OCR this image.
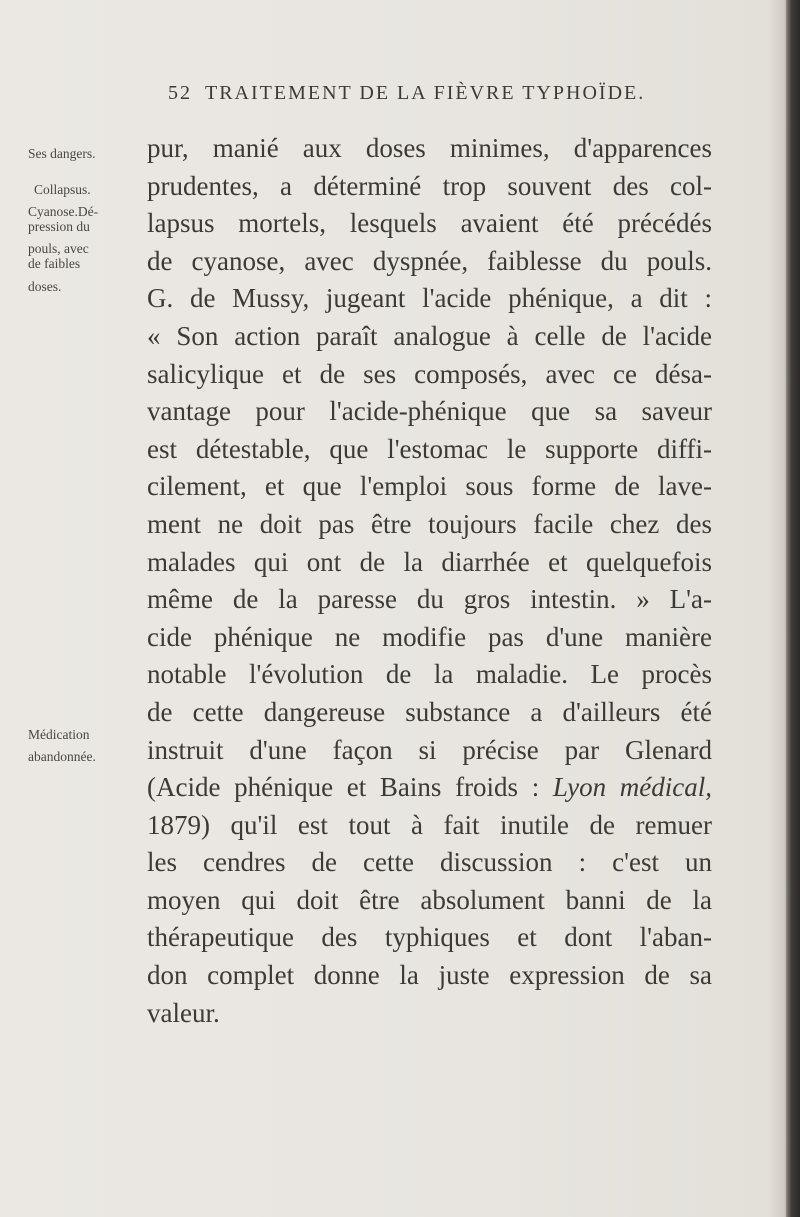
52 TRAITEMENT DE LA FIÈVRE TYPHOÏDE.
Ses dangers.
Collapsus.
Cyanose.Dé-
pression du
pouls, avec
de faibles
doses.
Médication
abandonnée.
pur, manié aux doses minimes, d'apparences
prudentes, a déterminé trop souvent des col-
lapsus mortels, lesquels avaient été précédés
de cyanose, avec dyspnée, faiblesse du pouls.
G. de Mussy, jugeant l'acide phénique, a dit :
« Son action paraît analogue à celle de l'acide
salicylique et de ses composés, avec ce désa-
vantage pour l'acide-phénique que sa saveur
est détestable, que l'estomac le supporte diffi-
cilement, et que l'emploi sous forme de lave-
ment ne doit pas être toujours facile chez des
malades qui ont de la diarrhée et quelquefois
même de la paresse du gros intestin. » L'a-
cide phénique ne modifie pas d'une manière
notable l'évolution de la maladie. Le procès
de cette dangereuse substance a d'ailleurs été
instruit d'une façon si précise par Glenard
(Acide phénique et Bains froids : Lyon médical,
1879) qu'il est tout à fait inutile de remuer
les cendres de cette discussion : c'est un
moyen qui doit être absolument banni de la
thérapeutique des typhiques et dont l'aban-
don complet donne la juste expression de sa
valeur.
